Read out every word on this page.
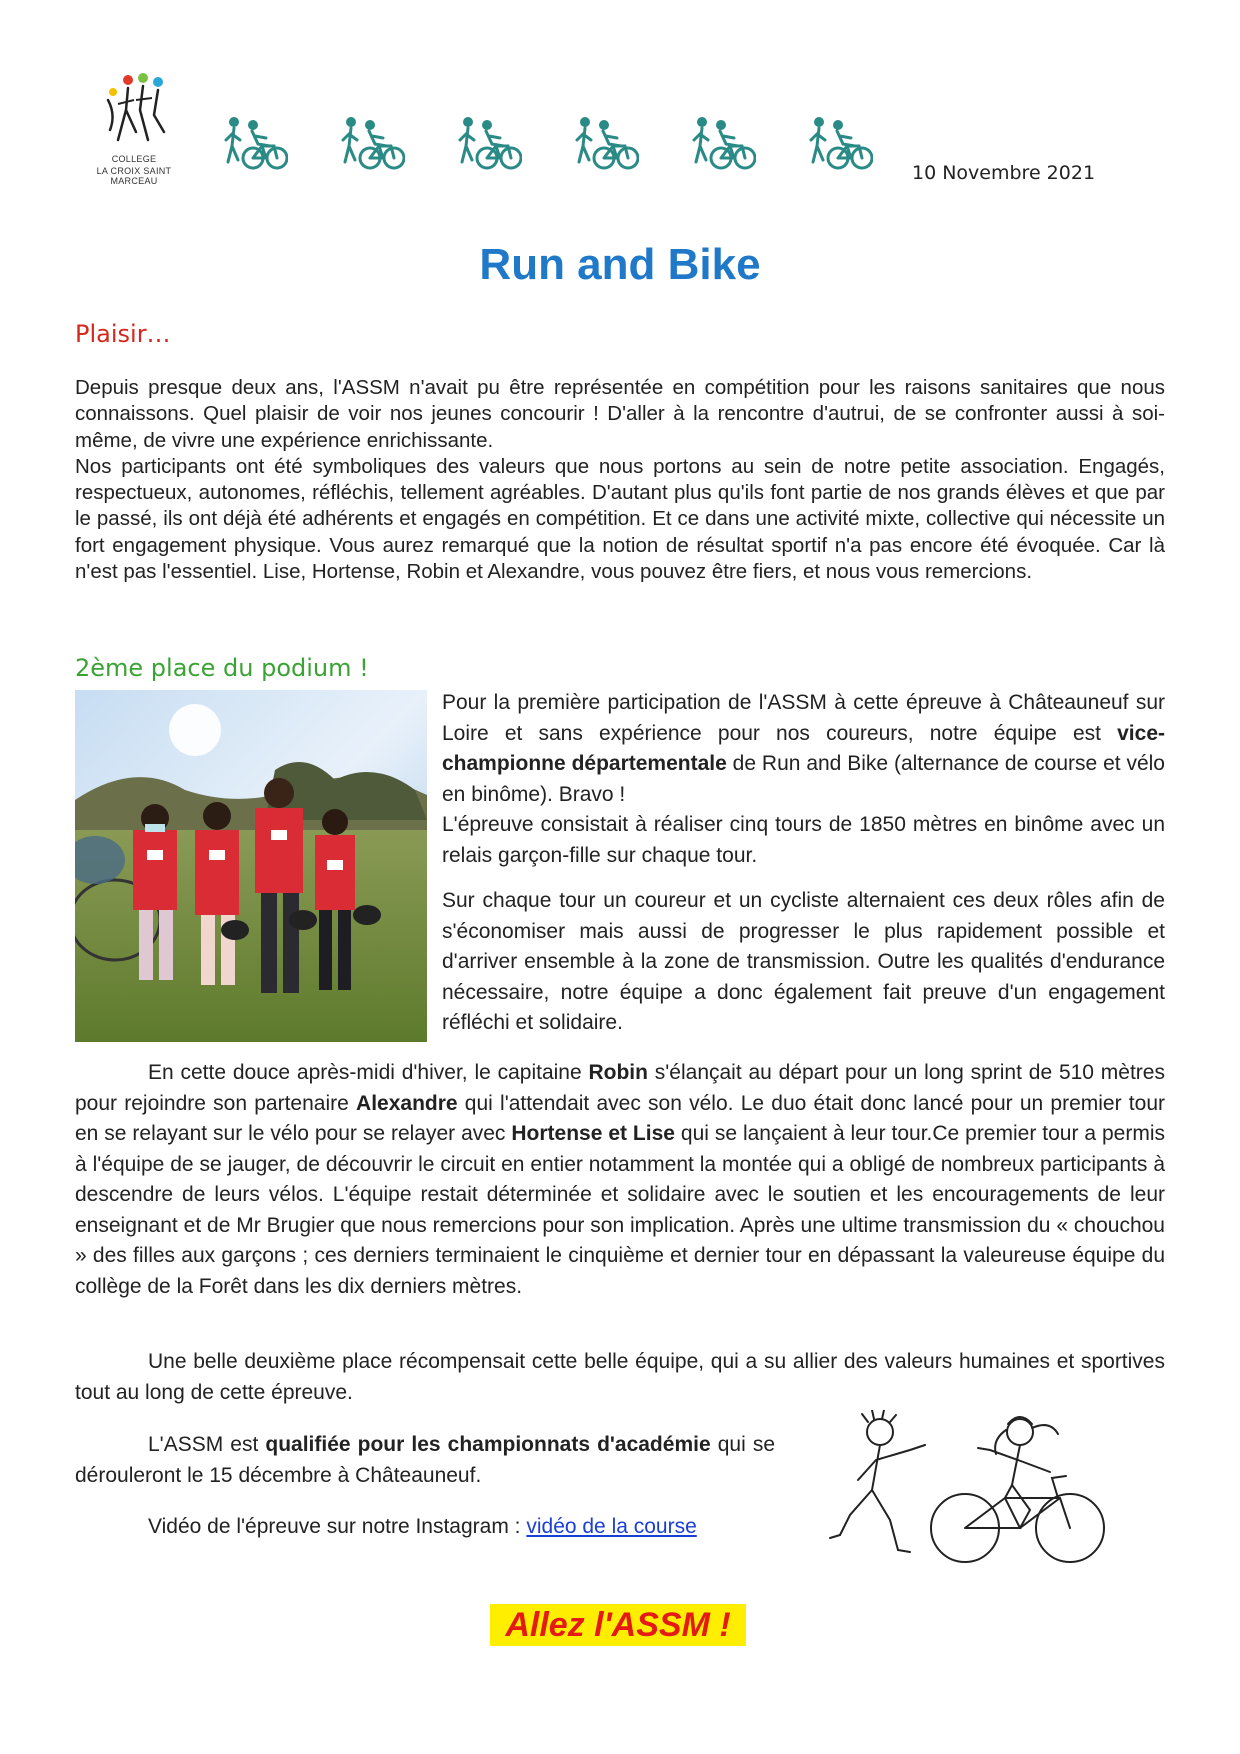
COLLEGE
LA CROIX SAINT MARCEAU	10 Novembre 2021
Run and Bike
Plaisir…
Depuis presque deux ans, l'ASSM n'avait pu être représentée en compétition pour les raisons sanitaires que nous connaissons. Quel plaisir de voir nos jeunes concourir ! D'aller à la rencontre d'autrui, de se confronter aussi à soi-même, de vivre une expérience enrichissante.
Nos participants ont été symboliques des valeurs que nous portons au sein de notre petite association. Engagés, respectueux, autonomes, réfléchis, tellement agréables. D'autant plus qu'ils font partie de nos grands élèves et que par le passé, ils ont déjà été adhérents et engagés en compétition. Et ce dans une activité mixte, collective qui nécessite un fort engagement physique. Vous aurez remarqué que la notion de résultat sportif n'a pas encore été évoquée. Car là n'est pas l'essentiel. Lise, Hortense, Robin et Alexandre, vous pouvez être fiers, et nous vous remercions.
2ème place du podium !
Pour la première participation de l'ASSM à cette épreuve à Châteauneuf sur Loire et sans expérience pour nos coureurs, notre équipe est vice-championne départementale de Run and Bike (alternance de course et vélo en binôme). Bravo !
L'épreuve consistait à réaliser cinq tours de 1850 mètres en binôme avec un relais garçon-fille sur chaque tour.
Sur chaque tour un coureur et un cycliste alternaient ces deux rôles afin de s'économiser mais aussi de progresser le plus rapidement possible et d'arriver ensemble à la zone de transmission. Outre les qualités d'endurance nécessaire, notre équipe a donc également fait preuve d'un engagement réfléchi et solidaire.
En cette douce après-midi d'hiver, le capitaine Robin s'élançait au départ pour un long sprint de 510 mètres pour rejoindre son partenaire Alexandre qui l'attendait avec son vélo. Le duo était donc lancé pour un premier tour en se relayant sur le vélo pour se relayer avec Hortense et Lise qui se lançaient à leur tour.Ce premier tour a permis à l'équipe de se jauger, de découvrir le circuit en entier notamment la montée qui a obligé de nombreux participants à descendre de leurs vélos. L'équipe restait déterminée et solidaire avec le soutien et les encouragements de leur enseignant et de Mr Brugier que nous remercions pour son implication. Après une ultime transmission du « chouchou » des filles aux garçons ; ces derniers terminaient le cinquième et dernier tour en dépassant la valeureuse équipe du collège de la Forêt dans les dix derniers mètres.
Une belle deuxième place récompensait cette belle équipe, qui a su allier des valeurs humaines et sportives tout au long de cette épreuve.
L'ASSM est qualifiée pour les championnats d'académie qui se dérouleront le 15 décembre à Châteauneuf.
Vidéo de l'épreuve sur notre Instagram : vidéo de la course
Allez l'ASSM !
